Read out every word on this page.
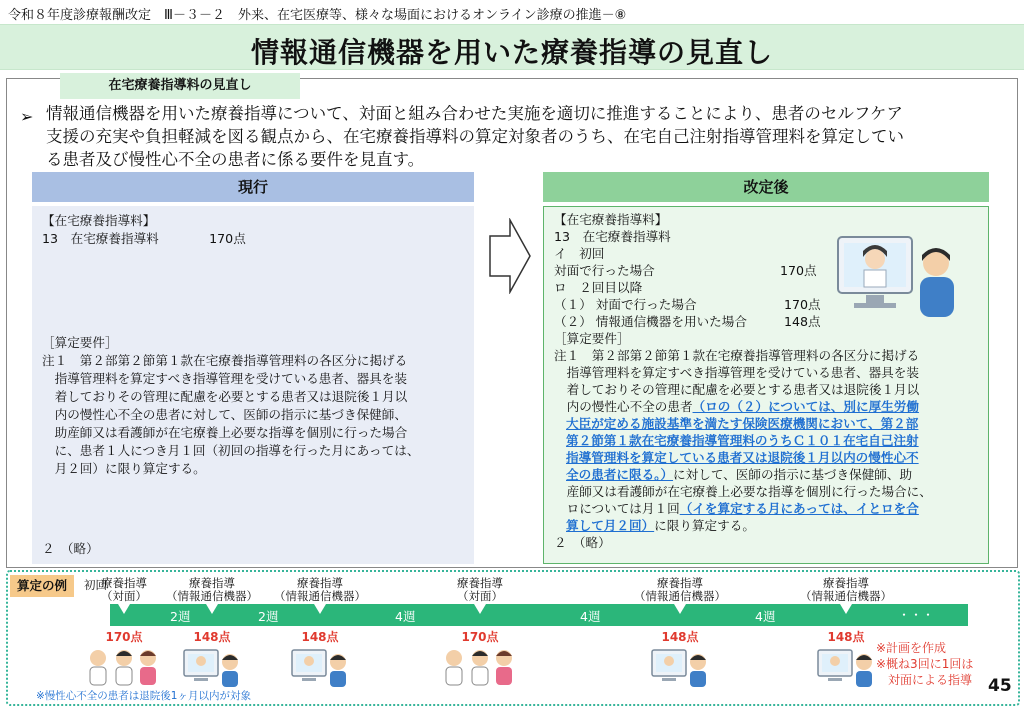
令和８年度診療報酬改定　Ⅲ－３－２　外来、在宅医療等、様々な場面におけるオンライン診療の推進－⑧
情報通信機器を用いた療養指導の見直し
在宅療養指導料の見直し
➢ 情報通信機器を用いた療養指導について、対面と組み合わせた実施を適切に推進することにより、患者のセルフケア
支援の充実や負担軽減を図る観点から、在宅療養指導料の算定対象者のうち、在宅自己注射指導管理料を算定してい
る患者及び慢性心不全の患者に係る要件を見直す。
現行
【在宅療養指導料】
13　在宅療養指導料　　　　170点
［算定要件］
注１　第２部第２節第１款在宅療養指導管理料の各区分に掲げる
　指導管理料を算定すべき指導管理を受けている患者、器具を装
　着しておりその管理に配慮を必要とする患者又は退院後１月以
　内の慢性心不全の患者に対して、医師の指示に基づき保健師、
　助産師又は看護師が在宅療養上必要な指導を個別に行った場合
　に、患者１人につき月１回（初回の指導を行った月にあっては、
　月２回）に限り算定する。
２　（略）
改定後
【在宅療養指導料】
13　在宅療養指導料
イ　初回
対面で行った場合	170点
ロ　２回目以降
（１） 対面で行った場合	170点
（２） 情報通信機器を用いた場合	148点
［算定要件］
注１　第２部第２節第１款在宅療養指導管理料の各区分に掲げる
　指導管理料を算定すべき指導管理を受けている患者、器具を装
　着しておりその管理に配慮を必要とする患者又は退院後１月以
　内の慢性心不全の患者（ロの（２）については、別に厚生労働
大臣が定める施設基準を満たす保険医療機関において、第２部
第２節第１款在宅療養指導管理料のうちＣ１０１在宅自己注射
指導管理料を算定している患者又は退院後１月以内の慢性心不
全の患者に限る。）に対して、医師の指示に基づき保健師、助
　産師又は看護師が在宅療養上必要な指導を個別に行った場合に、
　ロについては月１回（イを算定する月にあっては、イとロを合
算して月２回）に限り算定する。
２　（略）
算定の例	初回
療養指導
（対面）
170点
療養指導
（情報通信機器）
148点
療養指導
（情報通信機器）
148点
療養指導
（対面）
170点
療養指導
（情報通信機器）
148点
療養指導
（情報通信機器）
148点
2週	2週	4週	4週	4週	・・・
※慢性心不全の患者は退院後1ヶ月以内が対象
※計画を作成
※概ね3回に1回は
　対面による指導 45
